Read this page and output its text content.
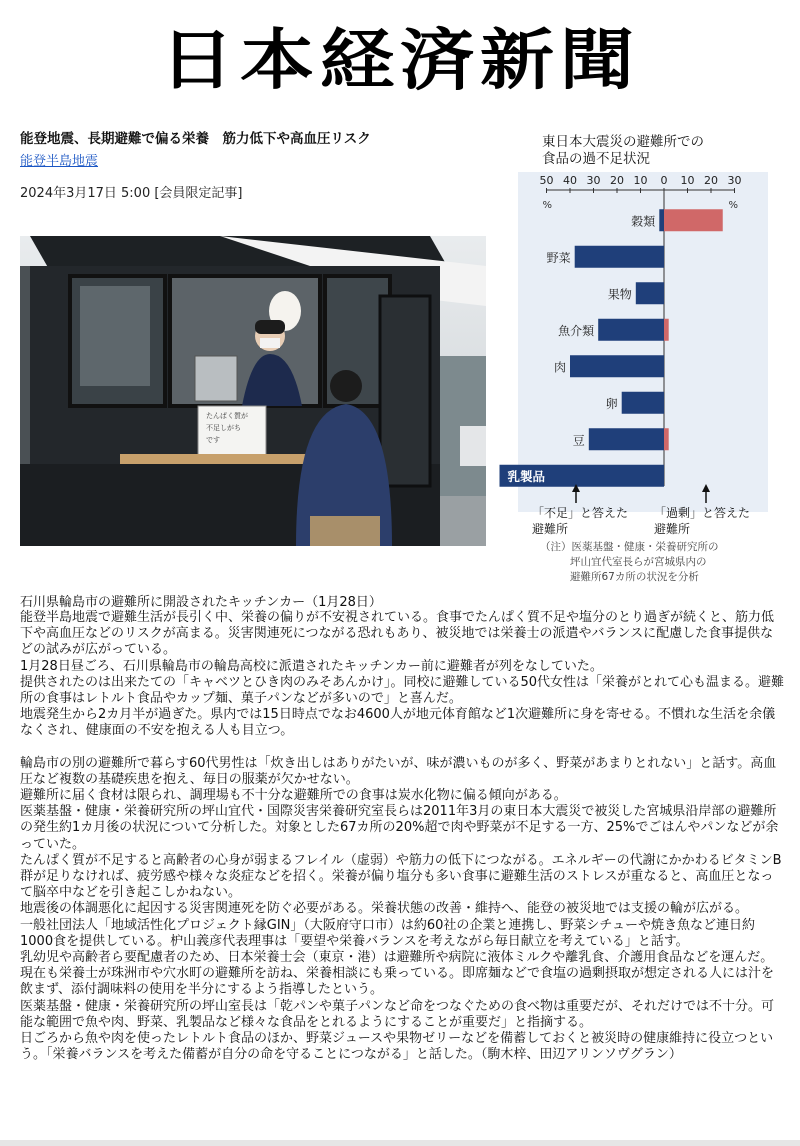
日本経済新聞
能登地震、長期避難で偏る栄養　筋力低下や高血圧リスク
能登半島地震
2024年3月17日 5:00 [会員限定記事]
たんぱく質が
不足しがち
です
東日本大震災の避難所での
食品の過不足状況
50 40 30 20 10 0 10 20 30
%	%
穀類
野菜
果物
魚介類
肉
卵
豆
乳製品
「不足」と答えた
避難所
「過剰」と答えた
避難所
（注）医薬基盤・健康・栄養研究所の
坪山宜代室長らが宮城県内の
避難所67カ所の状況を分析
石川県輪島市の避難所に開設されたキッチンカー（1月28日）

能登半島地震で避難生活が長引く中、栄養の偏りが不安視されている。食事でたんぱく質不足や塩分のとり過ぎが続くと、筋力低下や高血圧などのリスクが高まる。災害関連死につながる恐れもあり、被災地では栄養士の派遣やバランスに配慮した食事提供などの試みが広がっている。

1月28日昼ごろ、石川県輪島市の輪島高校に派遣されたキッチンカー前に避難者が列をなしていた。

提供されたのは出来たての「キャベツとひき肉のみそあんかけ」。同校に避難している50代女性は「栄養がとれて心も温まる。避難所の食事はレトルト食品やカップ麺、菓子パンなどが多いので」と喜んだ。

地震発生から2カ月半が過ぎた。県内では15日時点でなお4600人が地元体育館など1次避難所に身を寄せる。不慣れな生活を余儀なくされ、健康面の不安を抱える人も目立つ。

輪島市の別の避難所で暮らす60代男性は「炊き出しはありがたいが、味が濃いものが多く、野菜があまりとれない」と話す。高血圧など複数の基礎疾患を抱え、毎日の服薬が欠かせない。

避難所に届く食材は限られ、調理場も不十分な避難所での食事は炭水化物に偏る傾向がある。

医薬基盤・健康・栄養研究所の坪山宜代・国際災害栄養研究室長らは2011年3月の東日本大震災で被災した宮城県沿岸部の避難所の発生約1カ月後の状況について分析した。対象とした67カ所の20%超で肉や野菜が不足する一方、25%でごはんやパンなどが余っていた。

たんぱく質が不足すると高齢者の心身が弱まるフレイル（虚弱）や筋力の低下につながる。エネルギーの代謝にかかわるビタミンB群が足りなければ、疲労感や様々な炎症などを招く。栄養が偏り塩分も多い食事に避難生活のストレスが重なると、高血圧となって脳卒中などを引き起こしかねない。

地震後の体調悪化に起因する災害関連死を防ぐ必要がある。栄養状態の改善・維持へ、能登の被災地では支援の輪が広がる。

一般社団法人「地域活性化プロジェクト縁GIN」（大阪府守口市）は約60社の企業と連携し、野菜シチューや焼き魚など連日約1000食を提供している。枦山義彦代表理事は「要望や栄養バランスを考えながら毎日献立を考えている」と話す。

乳幼児や高齢者ら要配慮者のため、日本栄養士会（東京・港）は避難所や病院に液体ミルクや離乳食、介護用食品などを運んだ。現在も栄養士が珠洲市や穴水町の避難所を訪ね、栄養相談にも乗っている。即席麺などで食塩の過剰摂取が想定される人には汁を飲まず、添付調味料の使用を半分にするよう指導したという。

医薬基盤・健康・栄養研究所の坪山室長は「乾パンや菓子パンなど命をつなぐための食べ物は重要だが、それだけでは不十分。可能な範囲で魚や肉、野菜、乳製品など様々な食品をとれるようにすることが重要だ」と指摘する。

日ごろから魚や肉を使ったレトルト食品のほか、野菜ジュースや果物ゼリーなどを備蓄しておくと被災時の健康維持に役立つという。「栄養バランスを考えた備蓄が自分の命を守ることにつながる」と話した。（駒木梓、田辺アリンソヴグラン）
